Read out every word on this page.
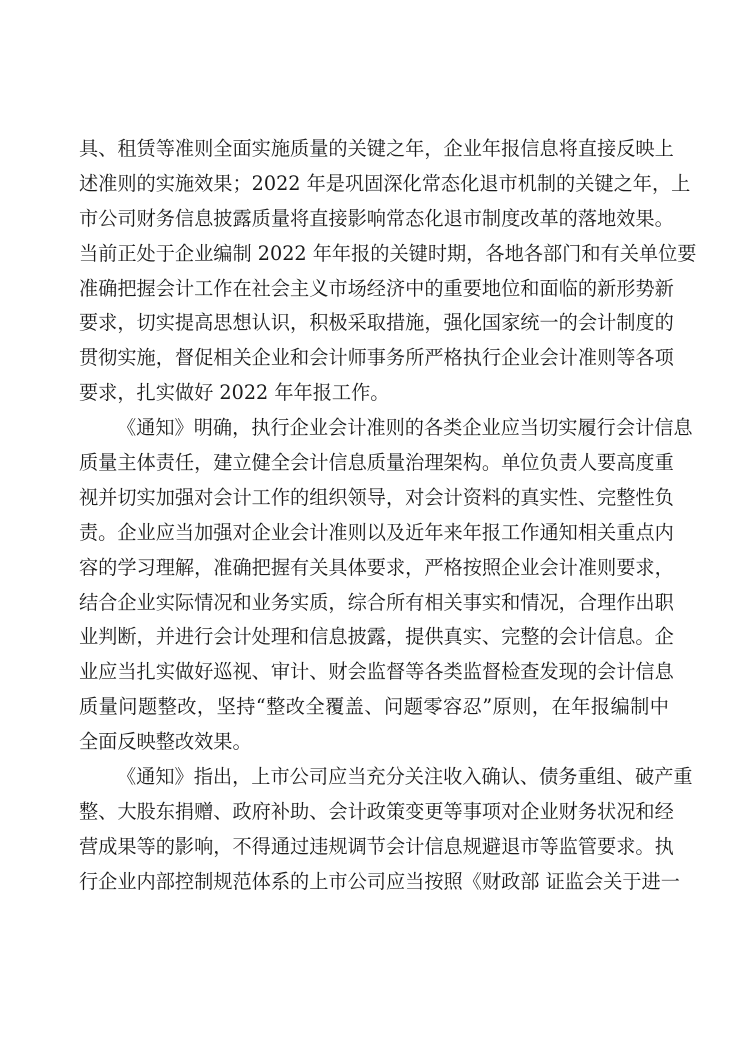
具、租赁等准则全面实施质量的关键之年，企业年报信息将直接反映上
述准则的实施效果；2022 年是巩固深化常态化退市机制的关键之年，上
市公司财务信息披露质量将直接影响常态化退市制度改革的落地效果。
当前正处于企业编制 2022 年年报的关键时期，各地各部门和有关单位要
准确把握会计工作在社会主义市场经济中的重要地位和面临的新形势新
要求，切实提高思想认识，积极采取措施，强化国家统一的会计制度的
贯彻实施，督促相关企业和会计师事务所严格执行企业会计准则等各项
要求，扎实做好 2022 年年报工作。
《通知》明确，执行企业会计准则的各类企业应当切实履行会计信息
质量主体责任，建立健全会计信息质量治理架构。单位负责人要高度重
视并切实加强对会计工作的组织领导，对会计资料的真实性、完整性负
责。企业应当加强对企业会计准则以及近年来年报工作通知相关重点内
容的学习理解，准确把握有关具体要求，严格按照企业会计准则要求，
结合企业实际情况和业务实质，综合所有相关事实和情况，合理作出职
业判断，并进行会计处理和信息披露，提供真实、完整的会计信息。企
业应当扎实做好巡视、审计、财会监督等各类监督检查发现的会计信息
质量问题整改，坚持“整改全覆盖、问题零容忍”原则，在年报编制中
全面反映整改效果。
《通知》指出，上市公司应当充分关注收入确认、债务重组、破产重
整、大股东捐赠、政府补助、会计政策变更等事项对企业财务状况和经
营成果等的影响，不得通过违规调节会计信息规避退市等监管要求。执
行企业内部控制规范体系的上市公司应当按照《财政部 证监会关于进一
